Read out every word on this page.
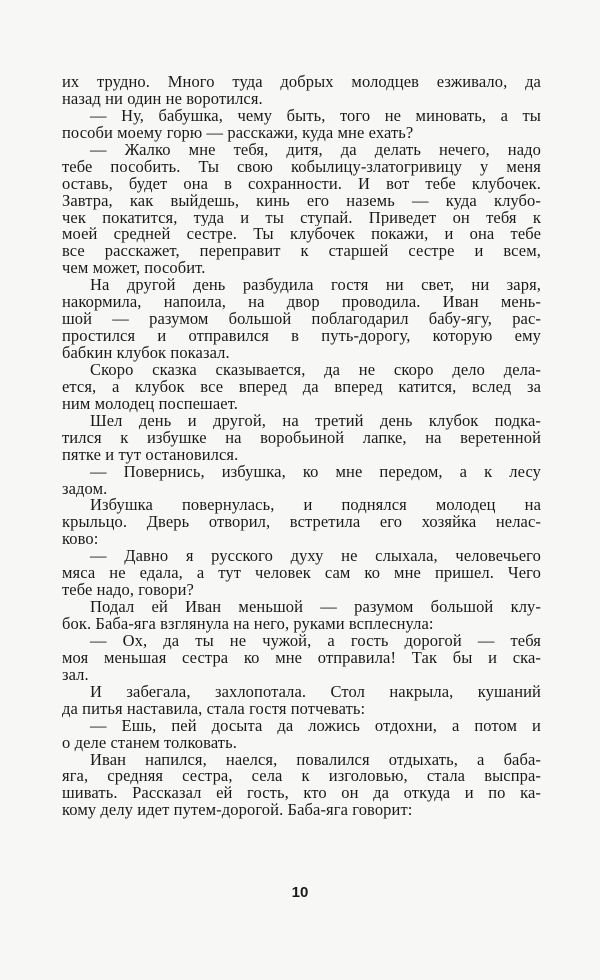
их трудно. Много туда добрых молодцев езживало, да
назад ни один не воротился.
— Ну, бабушка, чему быть, того не миновать, а ты
пособи моему горю — расскажи, куда мне ехать?
— Жалко мне тебя, дитя, да делать нечего, надо
тебе пособить. Ты свою кобылицу-златогривицу у меня
оставь, будет она в сохранности. И вот тебе клубочек.
Завтра, как выйдешь, кинь его наземь — куда клубо-
чек покатится, туда и ты ступай. Приведет он тебя к
моей средней сестре. Ты клубочек покажи, и она тебе
все расскажет, переправит к старшей сестре и всем,
чем может, пособит.
На другой день разбудила гостя ни свет, ни заря,
накормила, напоила, на двор проводила. Иван мень-
шой — разумом большой поблагодарил бабу-ягу, рас-
простился и отправился в путь-дорогу, которую ему
бабкин клубок показал.
Скоро сказка сказывается, да не скоро дело дела-
ется, а клубок все вперед да вперед катится, вслед за
ним молодец поспешает.
Шел день и другой, на третий день клубок подка-
тился к избушке на воробьиной лапке, на веретенной
пятке и тут остановился.
— Повернись, избушка, ко мне передом, а к лесу
задом.
Избушка повернулась, и поднялся молодец на
крыльцо. Дверь отворил, встретила его хозяйка нелас-
ково:
— Давно я русского духу не слыхала, человечьего
мяса не едала, а тут человек сам ко мне пришел. Чего
тебе надо, говори?
Подал ей Иван меньшой — разумом большой клу-
бок. Баба-яга взглянула на него, руками всплеснула:
— Ох, да ты не чужой, а гость дорогой — тебя
моя меньшая сестра ко мне отправила! Так бы и ска-
зал.
И забегала, захлопотала. Стол накрыла, кушаний
да питья наставила, стала гостя потчевать:
— Ешь, пей досыта да ложись отдохни, а потом и
о деле станем толковать.
Иван напился, наелся, повалился отдыхать, а баба-
яга, средняя сестра, села к изголовью, стала выспра-
шивать. Рассказал ей гость, кто он да откуда и по ка-
кому делу идет путем-дорогой. Баба-яга говорит:
10
